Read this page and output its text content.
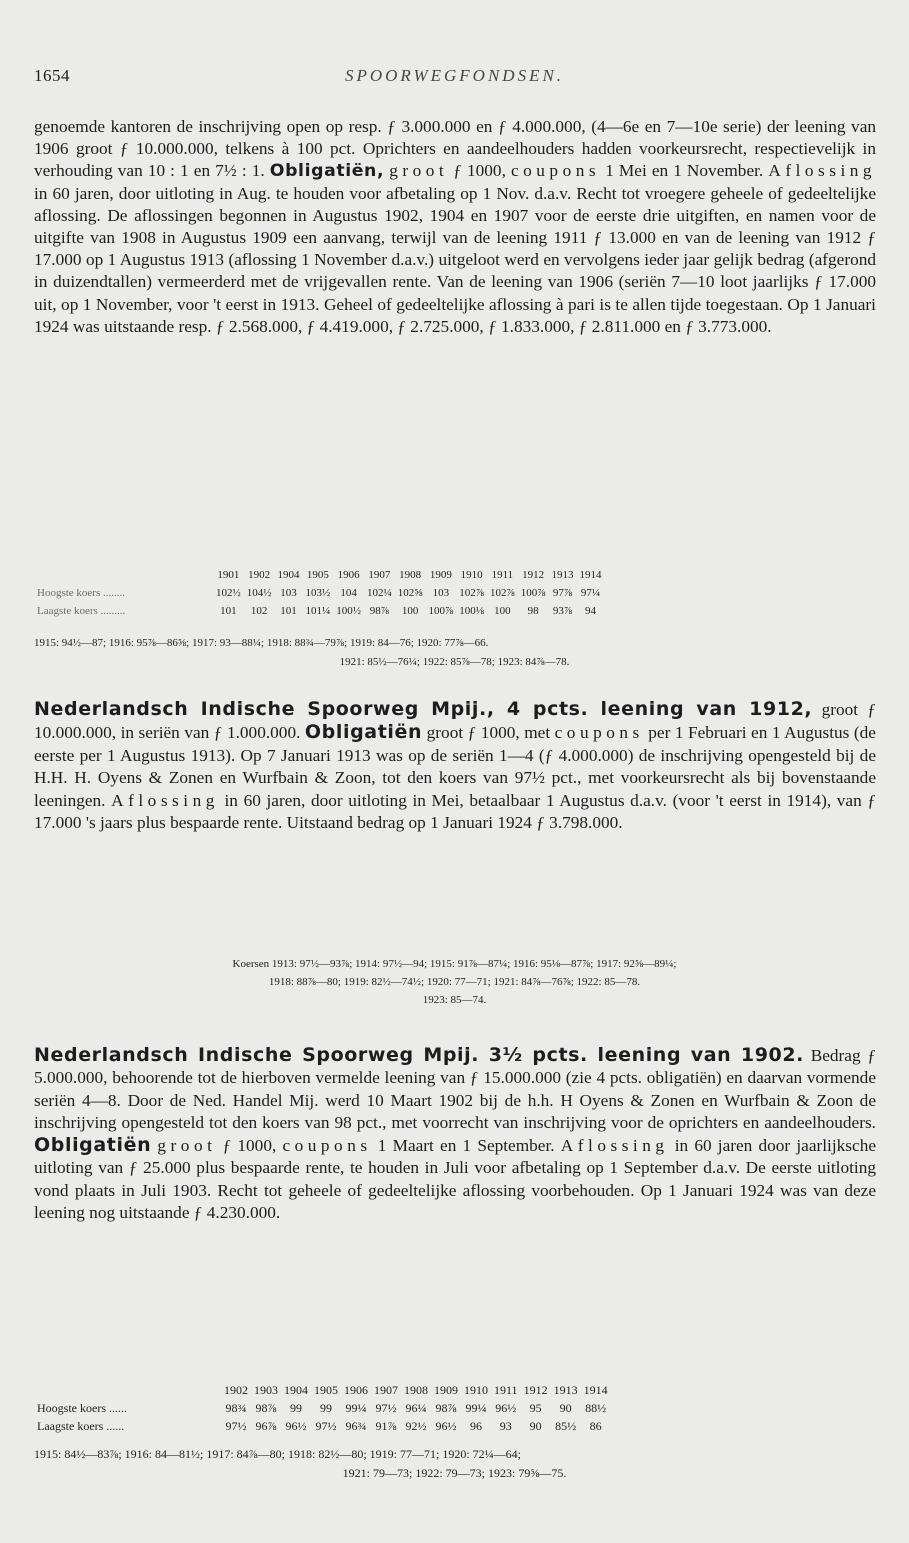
1654	SPOORWEGFONDSEN.

genoemde kantoren de inschrijving open op resp. ƒ 3.000.000 en ƒ 4.000.000, (4—6e en 7—10e serie) der leening van 1906 groot ƒ 10.000.000, telkens à 100 pct. Oprichters en aandeelhouders hadden voorkeursrecht, respectievelijk in verhouding van 10 : 1 en 7½ : 1. Obligatiën, groot ƒ 1000, coupons 1 Mei en 1 November. Aflossing in 60 jaren, door uitloting in Aug. te houden voor afbetaling op 1 Nov. d.a.v. Recht tot vroegere geheele of gedeeltelijke aflossing. De aflossingen begonnen in Augustus 1902, 1904 en 1907 voor de eerste drie uitgiften, en namen voor de uitgifte van 1908 in Augustus 1909 een aanvang, terwijl van de leening 1911 ƒ 13.000 en van de leening van 1912 ƒ 17.000 op 1 Augustus 1913 (aflossing 1 November d.a.v.) uitgeloot werd en vervolgens ieder jaar gelijk bedrag (afgerond in duizendtallen) vermeerderd met de vrijgevallen rente. Van de leening van 1906 (seriën 7—10 loot jaarlijks ƒ 17.000 uit, op 1 November, voor 't eerst in 1913. Geheel of gedeeltelijke aflossing à pari is te allen tijde toegestaan. Op 1 Januari 1924 was uitstaande resp. ƒ 2.568.000, ƒ 4.419.000, ƒ 2.725.000, ƒ 1.833.000, ƒ 2.811.000 en ƒ 3.773.000.

	1901	1902	1904	1905	1906	1907	1908	1909	1910	1911	1912	1913	1914
Hoogste koers ........	102½	104½	103	103½	104	102¼	102⅝	103	102⅞	102⅞	100⅞	97⅞	97¼
Laagste koers .........	101	102	101	101¼	100½	98⅞	100	100⅞	100⅛	100	98	93⅞	94
1915: 94½—87; 1916: 95⅞—86⅝; 1917: 93—88¼; 1918: 88¾—79⅞; 1919: 84—76; 1920: 77⅞—66.
1921: 85½—76¼; 1922: 85⅞—78; 1923: 84⅞—78.

Nederlandsch Indische Spoorweg Mpij., 4 pcts. leening van 1912, groot ƒ 10.000.000, in seriën van ƒ 1.000.000. Obligatiën groot ƒ 1000, met coupons per 1 Februari en 1 Augustus (de eerste per 1 Augustus 1913). Op 7 Januari 1913 was op de seriën 1—4 (ƒ 4.000.000) de inschrijving opengesteld bij de H.H. H. Oyens & Zonen en Wurfbain & Zoon, tot den koers van 97½ pct., met voorkeursrecht als bij bovenstaande leeningen. Aflossing in 60 jaren, door uitloting in Mei, betaalbaar 1 Augustus d.a.v. (voor 't eerst in 1914), van ƒ 17.000 's jaars plus bespaarde rente. Uitstaand bedrag op 1 Januari 1924 ƒ 3.798.000.

Koersen 1913: 97½—93⅞; 1914: 97½—94; 1915: 91⅞—87¼; 1916: 95⅛—87⅞; 1917: 92⅝—89¼;
1918: 88⅞—80; 1919: 82½—74½; 1920: 77—71; 1921: 84⅞—76⅞; 1922: 85—78.
1923: 85—74.

Nederlandsch Indische Spoorweg Mpij. 3½ pcts. leening van 1902. Bedrag ƒ 5.000.000, behoorende tot de hierboven vermelde leening van ƒ 15.000.000 (zie 4 pcts. obligatiën) en daarvan vormende seriën 4—8. Door de Ned. Handel Mij. werd 10 Maart 1902 bij de h.h. H Oyens & Zonen en Wurfbain & Zoon de inschrijving opengesteld tot den koers van 98 pct., met voorrecht van inschrijving voor de oprichters en aandeelhouders. Obligatiën groot ƒ 1000, coupons 1 Maart en 1 September. Aflossing in 60 jaren door jaarlijksche uitloting van ƒ 25.000 plus bespaarde rente, te houden in Juli voor afbetaling op 1 September d.a.v. De eerste uitloting vond plaats in Juli 1903. Recht tot geheele of gedeeltelijke aflossing voorbehouden. Op 1 Januari 1924 was van deze leening nog uitstaande ƒ 4.230.000.

	1902	1903	1904	1905	1906	1907	1908	1909	1910	1911	1912	1913	1914
Hoogste koers ......	98¾	98⅞	99	99	99¼	97½	96¼	98⅞	99¼	96½	95	90	88½
Laagste koers ......	97½	96⅞	96½	97½	96¾	91⅞	92½	96½	96	93	90	85½	86
1915: 84½—83⅞; 1916: 84—81½; 1917: 84⅞—80; 1918: 82½—80; 1919: 77—71; 1920: 72¼—64;
1921: 79—73; 1922: 79—73; 1923: 79⅝—75.
